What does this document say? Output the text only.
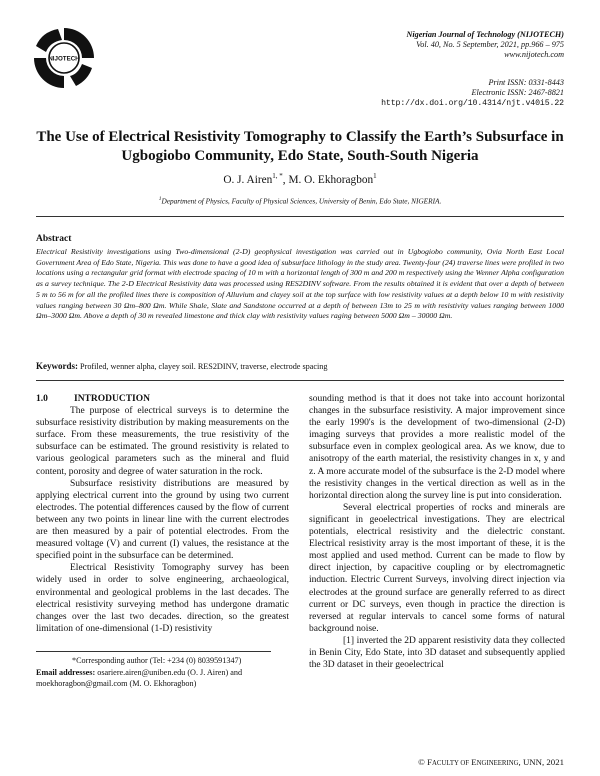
NIJOTECH
Nigerian Journal of Technology (NIJOTECH)
Vol. 40, No. 5 September, 2021, pp.966 – 975
www.nijotech.com
Print ISSN: 0331-8443
Electronic ISSN: 2467-8821
http://dx.doi.org/10.4314/njt.v40i5.22
The Use of Electrical Resistivity Tomography to Classify the Earth’s Subsurface in Ugbogiobo Community, Edo State, South-South Nigeria
O. J. Airen$^{1, *}$, M. O. Ekhoragbon$^1$
$^1$Department of Physics, Faculty of Physical Sciences, University of Benin, Edo State, NIGERIA.
Abstract
Electrical Resistivity investigations using Two-dimensional (2-D) geophysical investigation was carried out in Ugbogiobo community, Ovia North East Local Government Area of Edo State, Nigeria. This was done to have a good idea of subsurface lithology in the study area. Twenty-four (24) traverse lines were profiled in two locations using a rectangular grid format with electrode spacing of 10 m with a horizontal length of 300 m and 200 m respectively using the Wenner Alpha configuration as a survey technique. The 2-D Electrical Resistivity data was processed using RES2DINV software. From the results obtained it is evident that over a depth of between 5 m to 56 m for all the profiled lines there is composition of Alluvium and clayey soil at the top surface with low resistivity values at a depth below 10 m with resistivity values ranging between 30 Ωm–800 Ωm. While Shale, Slate and Sandstone occurred at a depth of between 13m to 25 m with resistivity values ranging between 1000 Ωm–3000 Ωm. Above a depth of 30 m revealed limestone and thick clay with resistivity values raging between 5000 Ωm – 30000 Ωm.
Keywords: Profiled, wenner alpha, clayey soil. RES2DINV, traverse, electrode spacing
1.0	INTRODUCTION

The purpose of electrical surveys is to determine the subsurface resistivity distribution by making measurements on the surface. From these measurements, the true resistivity of the subsurface can be estimated. The ground resistivity is related to various geological parameters such as the mineral and fluid content, porosity and degree of water saturation in the rock.

Subsurface resistivity distributions are measured by applying electrical current into the ground by using two current electrodes. The potential differences caused by the flow of current between any two points in linear line with the current electrodes are then measured by a pair of potential electrodes. From the measured voltage (V) and current (I) values, the resistance at the specified point in the subsurface can be determined.

Electrical Resistivity Tomography survey has been widely used in order to solve engineering, archaeological, environmental and geological problems in the last decades. The electrical resistivity surveying method has undergone dramatic changes over the last two decades. direction, so the greatest limitation of one-dimensional (1-D) resistivity

sounding method is that it does not take into account horizontal changes in the subsurface resistivity. A major improvement since the early 1990's is the development of two-dimensional (2-D) imaging surveys that provides a more realistic model of the subsurface even in complex geological area. As we know, due to anisotropy of the earth material, the resistivity changes in x, y and z. A more accurate model of the subsurface is the 2-D model where the resistivity changes in the vertical direction as well as in the horizontal direction along the survey line is put into consideration.

Several electrical properties of rocks and minerals are significant in geoelectrical investigations. They are electrical potentials, electrical resistivity and the dielectric constant. Electrical resistivity array is the most important of these, it is the most applied and used method. Current can be made to flow by direct injection, by capacitive coupling or by electromagnetic induction. Electric Current Surveys, involving direct injection via electrodes at the ground surface are generally referred to as direct current or DC surveys, even though in practice the direction is reversed at regular intervals to cancel some forms of natural background noise.

[1] inverted the 2D apparent resistivity data they collected in Benin City, Edo State, into 3D dataset and subsequently applied the 3D dataset in their geoelectrical

*Corresponding author (Tel: +234 (0) 8039591347)
Email addresses: osariere.airen@uniben.edu (O. J. Airen) and moekhoragbon@gmail.com (M. O. Ekhoragbon)
© FACULTY OF ENGINEERING, UNN, 2021
